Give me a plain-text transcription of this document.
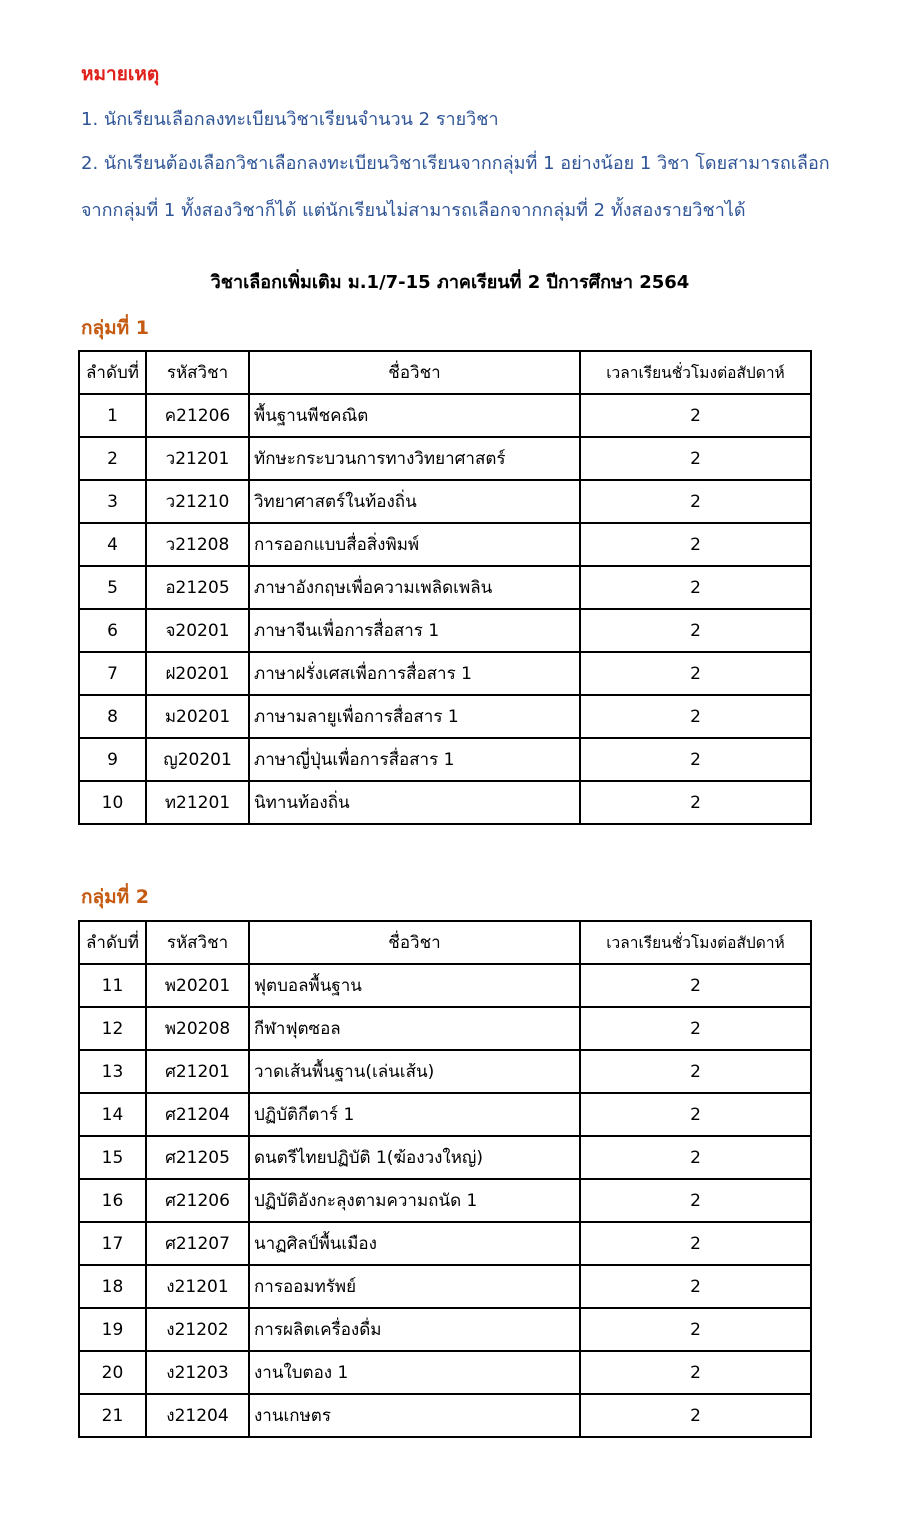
หมายเหตุ
1. นักเรียนเลือกลงทะเบียนวิชาเรียนจำนวน 2 รายวิชา
2. นักเรียนต้องเลือกวิชาเลือกลงทะเบียนวิชาเรียนจากกลุ่มที่ 1 อย่างน้อย 1 วิชา โดยสามารถเลือก
จากกลุ่มที่ 1 ทั้งสองวิชาก็ได้ แต่นักเรียนไม่สามารถเลือกจากกลุ่มที่ 2 ทั้งสองรายวิชาได้
วิชาเลือกเพิ่มเติม ม.1/7-15 ภาคเรียนที่ 2 ปีการศึกษา 2564
กลุ่มที่ 1
ลำดับที่	รหัสวิชา	ชื่อวิชา	เวลาเรียนชั่วโมงต่อสัปดาห์
1	ค21206	พื้นฐานพีชคณิต	2
2	ว21201	ทักษะกระบวนการทางวิทยาศาสตร์	2
3	ว21210	วิทยาศาสตร์ในท้องถิ่น	2
4	ว21208	การออกแบบสื่อสิ่งพิมพ์	2
5	อ21205	ภาษาอังกฤษเพื่อความเพลิดเพลิน	2
6	จ20201	ภาษาจีนเพื่อการสื่อสาร 1	2
7	ฝ20201	ภาษาฝรั่งเศสเพื่อการสื่อสาร 1	2
8	ม20201	ภาษามลายูเพื่อการสื่อสาร 1	2
9	ญ20201	ภาษาญี่ปุ่นเพื่อการสื่อสาร 1	2
10	ท21201	นิทานท้องถิ่น	2
กลุ่มที่ 2
ลำดับที่	รหัสวิชา	ชื่อวิชา	เวลาเรียนชั่วโมงต่อสัปดาห์
11	พ20201	ฟุตบอลพื้นฐาน	2
12	พ20208	กีฬาฟุตซอล	2
13	ศ21201	วาดเส้นพื้นฐาน(เล่นเส้น)	2
14	ศ21204	ปฏิบัติกีตาร์ 1	2
15	ศ21205	ดนตรีไทยปฏิบัติ 1(ฆ้องวงใหญ่)	2
16	ศ21206	ปฏิบัติอังกะลุงตามความถนัด 1	2
17	ศ21207	นาฏศิลป์พื้นเมือง	2
18	ง21201	การออมทรัพย์	2
19	ง21202	การผลิตเครื่องดื่ม	2
20	ง21203	งานใบตอง 1	2
21	ง21204	งานเกษตร	2
